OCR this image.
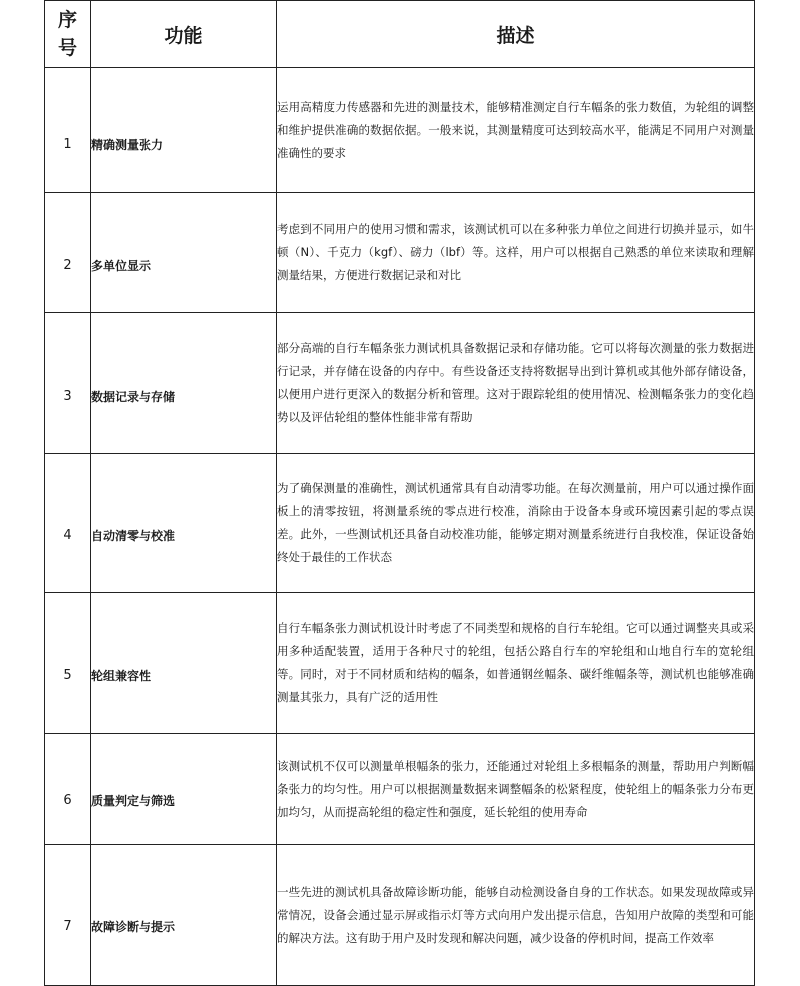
序
号	功能	描述
1	精确测量张力	运用高精度力传感器和先进的测量技术，能够精准测定自行车幅条的张力数值，为轮组的调整和维护提供准确的数据依据。一般来说，其测量精度可达到较高水平，能满足不同用户对测量准确性的要求
2	多单位显示	考虑到不同用户的使用习惯和需求，该测试机可以在多种张力单位之间进行切换并显示，如牛顿（N）、千克力（kgf）、磅力（lbf）等。这样，用户可以根据自己熟悉的单位来读取和理解测量结果，方便进行数据记录和对比
3	数据记录与存储	部分高端的自行车幅条张力测试机具备数据记录和存储功能。它可以将每次测量的张力数据进行记录，并存储在设备的内存中。有些设备还支持将数据导出到计算机或其他外部存储设备，以便用户进行更深入的数据分析和管理。这对于跟踪轮组的使用情况、检测幅条张力的变化趋势以及评估轮组的整体性能非常有帮助
4	自动清零与校准	为了确保测量的准确性，测试机通常具有自动清零功能。在每次测量前，用户可以通过操作面板上的清零按钮，将测量系统的零点进行校准，消除由于设备本身或环境因素引起的零点误差。此外，一些测试机还具备自动校准功能，能够定期对测量系统进行自我校准，保证设备始终处于最佳的工作状态
5	轮组兼容性	自行车幅条张力测试机设计时考虑了不同类型和规格的自行车轮组。它可以通过调整夹具或采用多种适配装置，适用于各种尺寸的轮组，包括公路自行车的窄轮组和山地自行车的宽轮组等。同时，对于不同材质和结构的幅条，如普通钢丝幅条、碳纤维幅条等，测试机也能够准确测量其张力，具有广泛的适用性
6	质量判定与筛选	该测试机不仅可以测量单根幅条的张力，还能通过对轮组上多根幅条的测量，帮助用户判断幅条张力的均匀性。用户可以根据测量数据来调整幅条的松紧程度，使轮组上的幅条张力分布更加均匀，从而提高轮组的稳定性和强度，延长轮组的使用寿命
7	故障诊断与提示	一些先进的测试机具备故障诊断功能，能够自动检测设备自身的工作状态。如果发现故障或异常情况，设备会通过显示屏或指示灯等方式向用户发出提示信息，告知用户故障的类型和可能的解决方法。这有助于用户及时发现和解决问题，减少设备的停机时间，提高工作效率
